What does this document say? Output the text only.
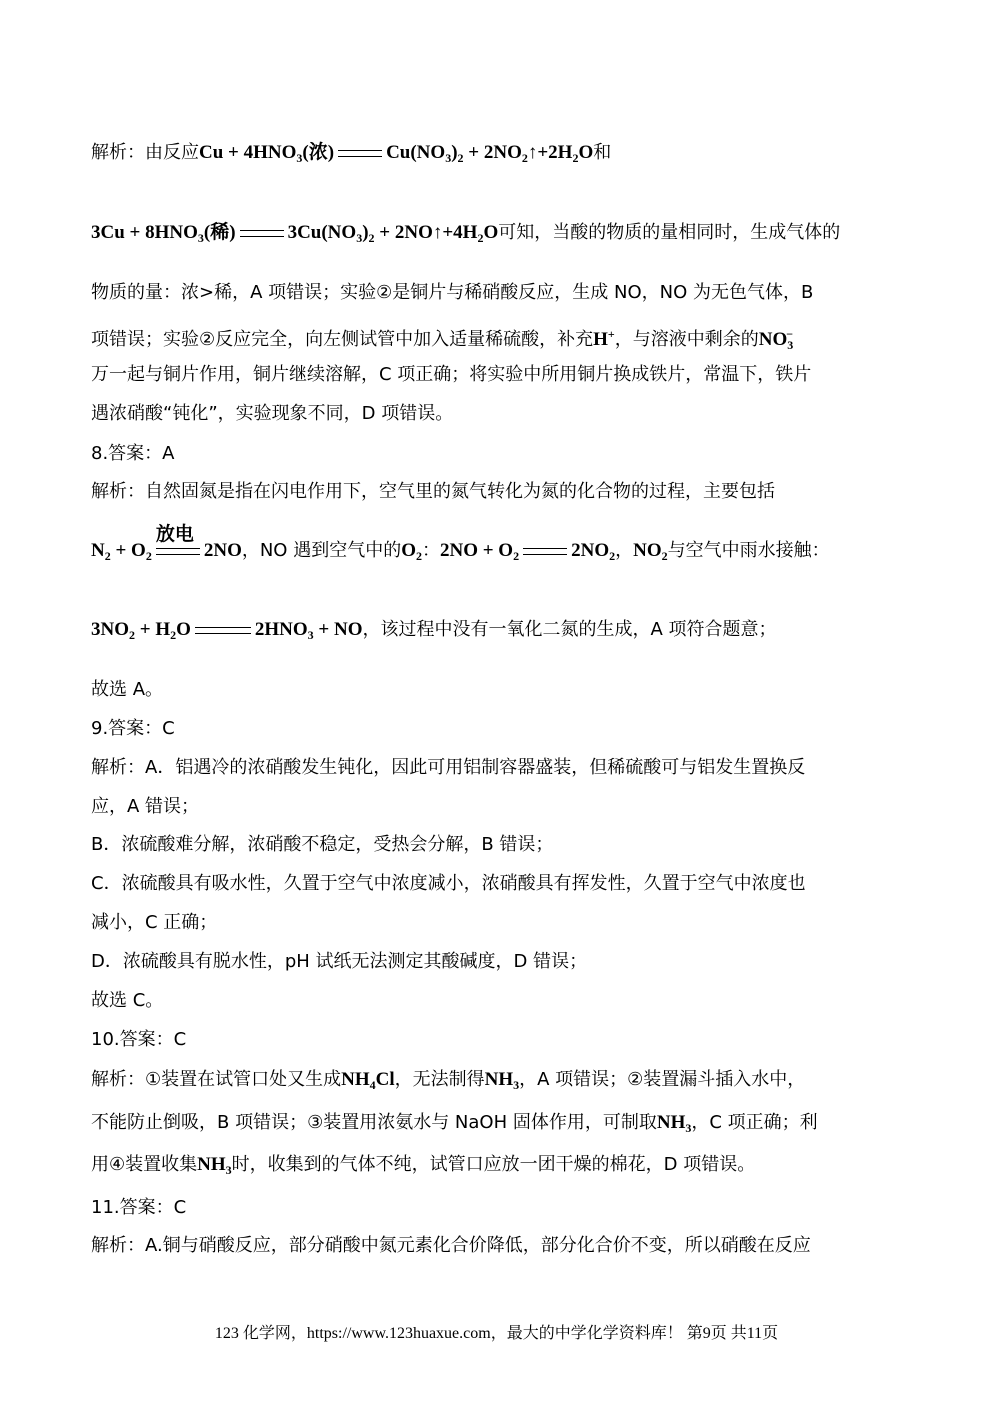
解析：由反应$Cu + 4HNO_3$(浓)	$Cu(NO_3)_2$ + $2NO_2↑+2H_2O$和
$3Cu + 8HNO_3$(稀)	$3Cu(NO_3)_2$ + $2NO↑+4H_2O$可知，当酸的物质的量相同时，生成气体的
物质的量：浓>稀，A 项错误；实验②是铜片与稀硝酸反应，生成 NO，NO 为无色气体，B
项错误；实验②反应完全，向左侧试管中加入适量稀硫酸，补充H+，与溶液中剩余的$NO_3^-$
万一起与铜片作用，铜片继续溶解，C 项正确；将实验中所用铜片换成铁片，常温下，铁片
遇浓硝酸“钝化”，实验现象不同，D 项错误。
8.答案：A
解析：自然固氮是指在闪电作用下，空气里的氮气转化为氮的化合物的过程，主要包括
$N_2 + O_2$
放电
2NO，NO 遇到空气中的$O_2$：$2NO + O_2$	$2NO_2$，$NO_2$与空气中雨水接触：
$3NO_2 + H_2O$	$2HNO_3$ + NO，该过程中没有一氧化二氮的生成，A 项符合题意；
故选 A。
9.答案：C
解析：A．铝遇冷的浓硝酸发生钝化，因此可用铝制容器盛装，但稀硫酸可与铝发生置换反
应，A 错误；
B．浓硫酸难分解，浓硝酸不稳定，受热会分解，B 错误；
C．浓硫酸具有吸水性，久置于空气中浓度减小，浓硝酸具有挥发性，久置于空气中浓度也
减小，C 正确；
D．浓硫酸具有脱水性，pH 试纸无法测定其酸碱度，D 错误；
故选 C。
10.答案：C
解析：①装置在试管口处又生成$NH_4Cl$，无法制得$NH_3$，A 项错误；②装置漏斗插入水中，
不能防止倒吸，B 项错误；③装置用浓氨水与 NaOH 固体作用，可制取$NH_3$，C 项正确；利
用④装置收集$NH_3$时，收集到的气体不纯，试管口应放一团干燥的棉花，D 项错误。
11.答案：C
解析：A.铜与硝酸反应，部分硝酸中氮元素化合价降低，部分化合价不变，所以硝酸在反应
123 化学网，https://www.123huaxue.com，最大的中学化学资料库！ 第9页 共11页
